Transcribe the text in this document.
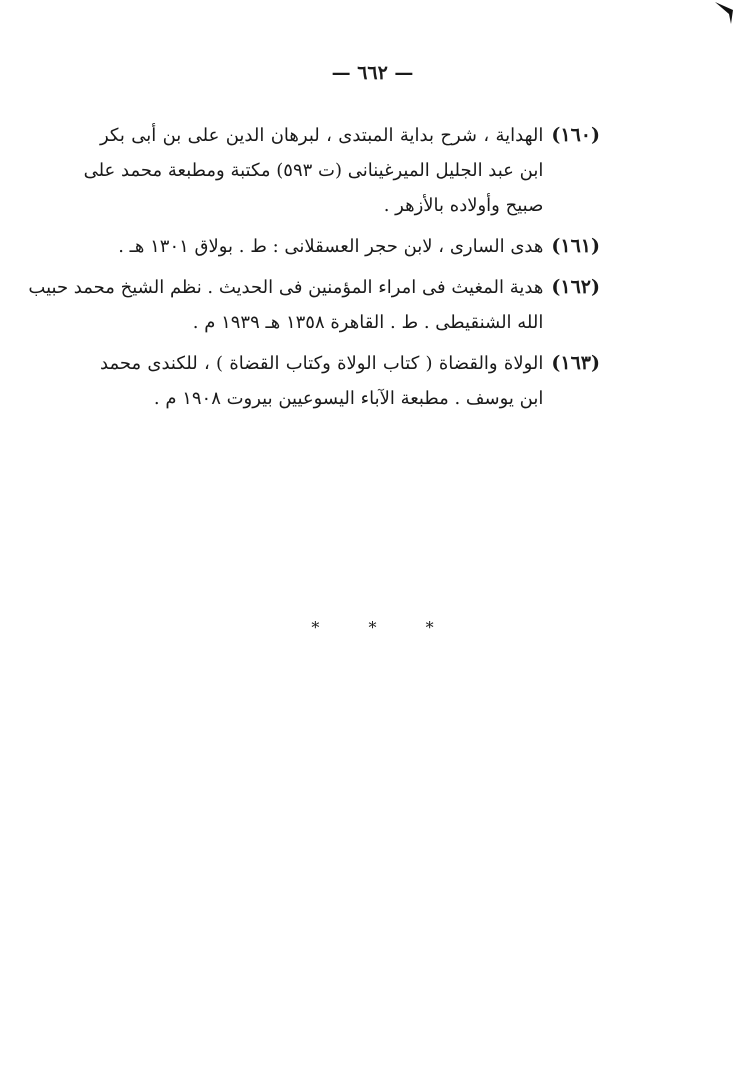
— ٦٦٢ —
(١٦٠)
الهداية ، شرح بداية المبتدى ، لبرهان الدين على بن أبى بكر
ابن عبد الجليل الميرغينانى (ت ٥٩٣) مكتبة ومطبعة محمد على
صبيح وأولاده بالأزهر .
(١٦١)
هدى السارى ، لابن حجر العسقلانى : ط . بولاق ١٣٠١ هـ .
(١٦٢)
هدية المغيث فى امراء المؤمنين فى الحديث . نظم الشيخ محمد حبيب
الله الشنقيطى . ط . القاهرة ١٣٥٨ هـ ١٩٣٩ م .
(١٦٣)
الولاة والقضاة ( كتاب الولاة وكتاب القضاة ) ، للكندى محمد
ابن يوسف . مطبعة الآباء اليسوعيين بيروت ١٩٠٨ م .
* * *
